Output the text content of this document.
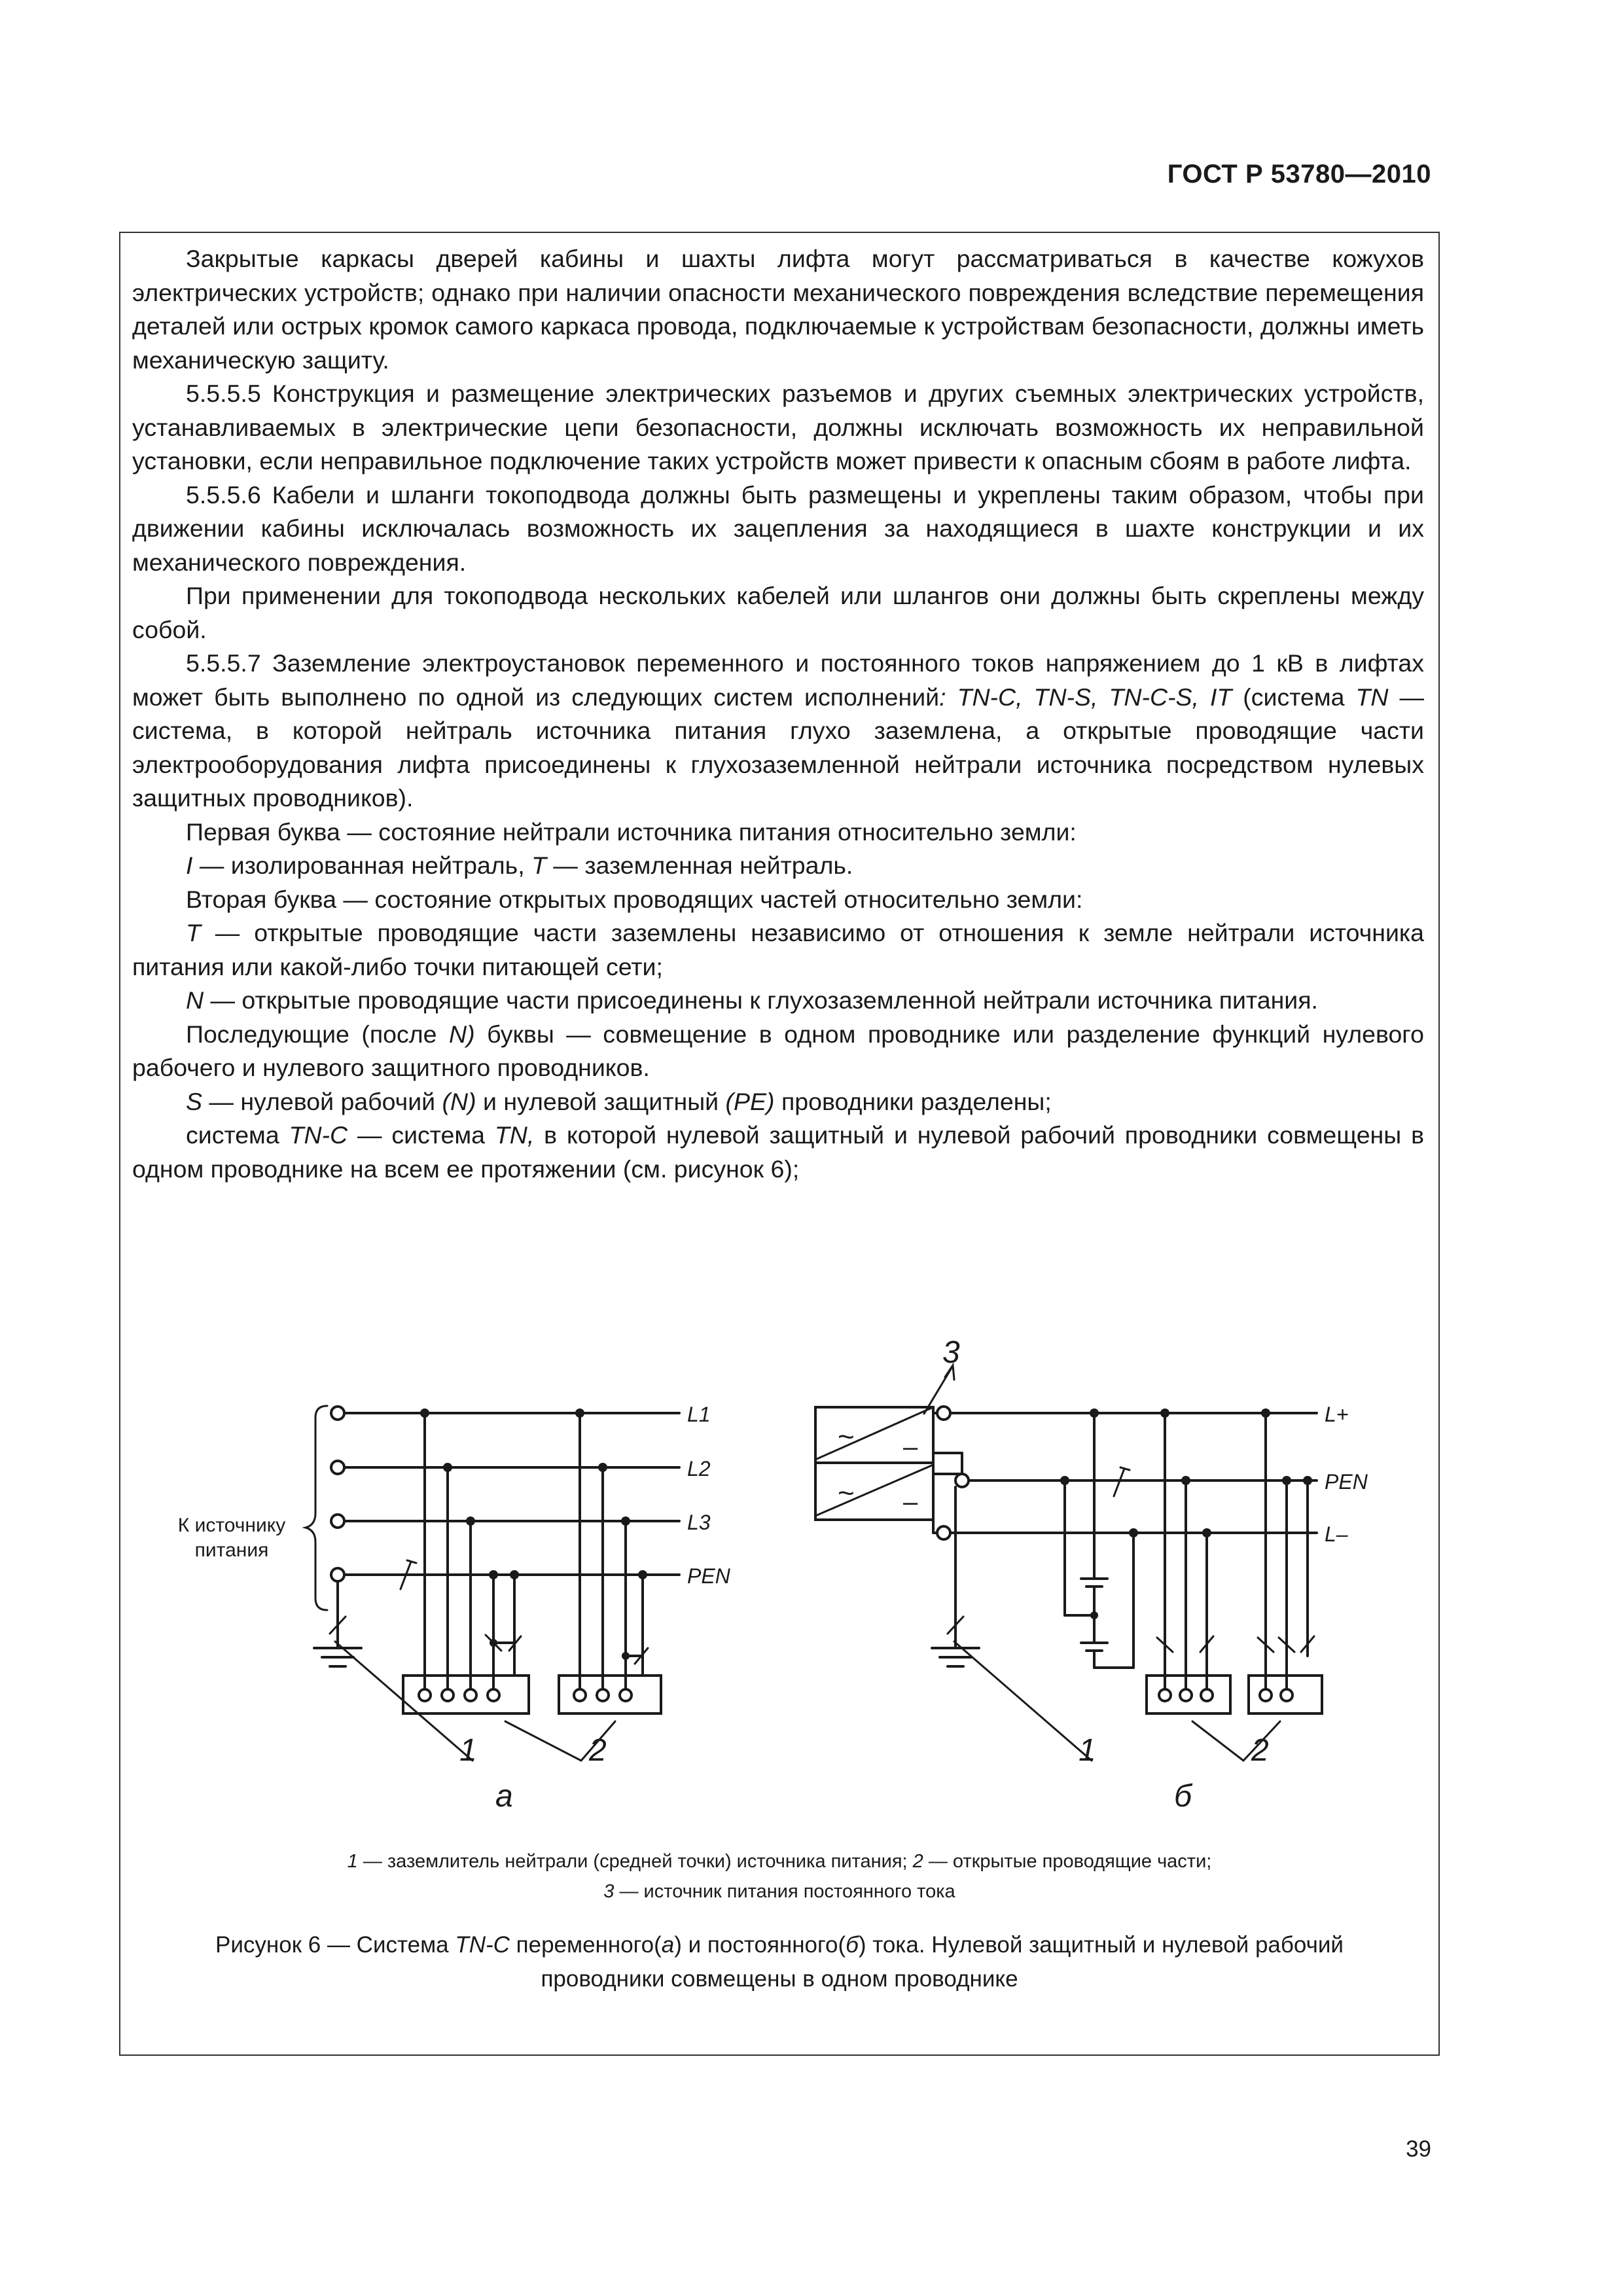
ГОСТ Р 53780—2010

Закрытые каркасы дверей кабины и шахты лифта могут рассматриваться в качестве кожухов электрических устройств; однако при наличии опасности механического повреждения вследствие перемещения деталей или острых кромок самого каркаса провода, подключаемые к устройствам безопасности, должны иметь механическую защиту.

5.5.5.5 Конструкция и размещение электрических разъемов и других съемных электрических устройств, устанавливаемых в электрические цепи безопасности, должны исключать возможность их неправильной установки, если неправильное подключение таких устройств может привести к опасным сбоям в работе лифта.

5.5.5.6 Кабели и шланги токоподвода должны быть размещены и укреплены таким образом, чтобы при движении кабины исключалась возможность их зацепления за находящиеся в шахте конструкции и их механического повреждения.

При применении для токоподвода нескольких кабелей или шлангов они должны быть скреплены между собой.

5.5.5.7 Заземление электроустановок переменного и постоянного токов напряжением до 1 кВ в лифтах может быть выполнено по одной из следующих систем исполнений: TN-C, TN-S, TN-C-S, IT (система TN — система, в которой нейтраль источника питания глухо заземлена, а открытые проводящие части электрооборудования лифта присоединены к глухозаземленной нейтрали источника посредством нулевых защитных проводников).

Первая буква — состояние нейтрали источника питания относительно земли:

I — изолированная нейтраль, T — заземленная нейтраль.

Вторая буква — состояние открытых проводящих частей относительно земли:

T — открытые проводящие части заземлены независимо от отношения к земле нейтрали источника питания или какой-либо точки питающей сети;

N — открытые проводящие части присоединены к глухозаземленной нейтрали источника питания.

Последующие (после N) буквы — совмещение в одном проводнике или разделение функций нулевого рабочего и нулевого защитного проводников.

S — нулевой рабочий (N) и нулевой защитный (PE) проводники разделены;

система TN-C — система TN, в которой нулевой защитный и нулевой рабочий проводники совмещены в одном проводнике на всем ее протяжении (см. рисунок 6);

К источнику
питания
L1
L2
L3
PEN
1	2
а
~
~
–
–
3
L+
PEN
L–
1	2
б
1 — заземлитель нейтрали (средней точки) источника питания; 2 — открытые проводящие части;
3 — источник питания постоянного тока
Рисунок 6 — Система TN-C переменного(а) и постоянного(б) тока. Нулевой защитный и нулевой рабочий
проводники совмещены в одном проводнике
39
